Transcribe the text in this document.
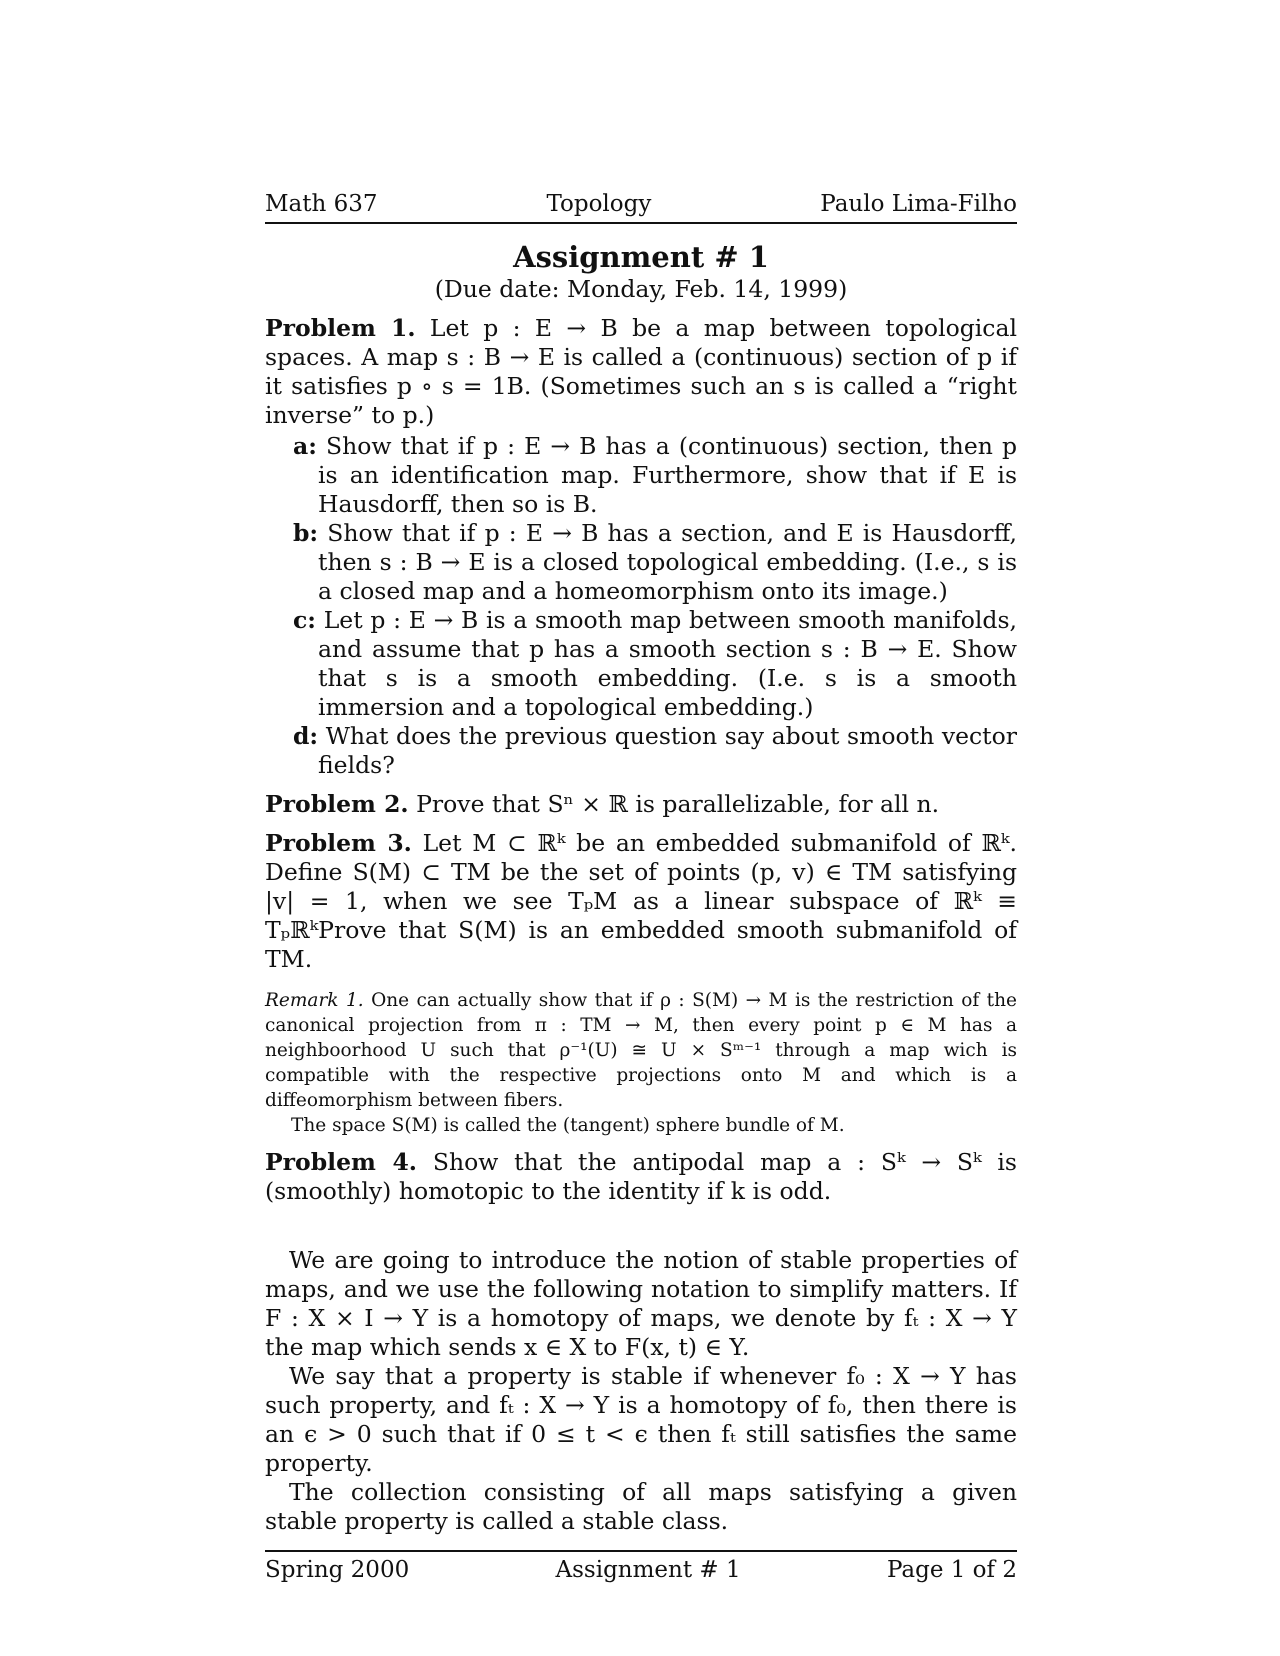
Math 637	Topology	Paulo Lima-Filho
Assignment # 1
(Due date: Monday, Feb. 14, 1999)
Problem 1. Let p : E → B be a map between topological spaces. A map s : B → E is called a (continuous) section of p if it satisfies p ∘ s = 1B. (Sometimes such an s is called a “right inverse” to p.)
a: Show that if p : E → B has a (continuous) section, then p is an identification map. Furthermore, show that if E is Hausdorff, then so is B.
b: Show that if p : E → B has a section, and E is Hausdorff, then s : B → E is a closed topological embedding. (I.e., s is a closed map and a homeomorphism onto its image.)
c: Let p : E → B is a smooth map between smooth manifolds, and assume that p has a smooth section s : B → E. Show that s is a smooth embedding. (I.e. s is a smooth immersion and a topological embedding.)
d: What does the previous question say about smooth vector fields?
Problem 2. Prove that Sⁿ × ℝ is parallelizable, for all n.
Problem 3. Let M ⊂ ℝᵏ be an embedded submanifold of ℝᵏ. Define S(M) ⊂ TM be the set of points (p, v) ∈ TM satisfying |v| = 1, when we see TₚM as a linear subspace of ℝᵏ ≡ TₚℝᵏProve that S(M) is an embedded smooth submanifold of TM.
Remark 1. One can actually show that if ρ : S(M) → M is the restriction of the canonical projection from π : TM → M, then every point p ∈ M has a neighboorhood U such that ρ⁻¹(U) ≅ U × Sᵐ⁻¹ through a map wich is compatible with the respective projections onto M and which is a diffeomorphism between fibers.
The space S(M) is called the (tangent) sphere bundle of M.
Problem 4. Show that the antipodal map a : Sᵏ → Sᵏ is (smoothly) homotopic to the identity if k is odd.
We are going to introduce the notion of stable properties of maps, and we use the following notation to simplify matters. If F : X × I → Y is a homotopy of maps, we denote by fₜ : X → Y the map which sends x ∈ X to F(x, t) ∈ Y.
We say that a property is stable if whenever f₀ : X → Y has such property, and fₜ : X → Y is a homotopy of f₀, then there is an ϵ > 0 such that if 0 ≤ t < ϵ then fₜ still satisfies the same property.
The collection consisting of all maps satisfying a given stable property is called a stable class.
Spring 2000	Assignment # 1	Page 1 of 2
